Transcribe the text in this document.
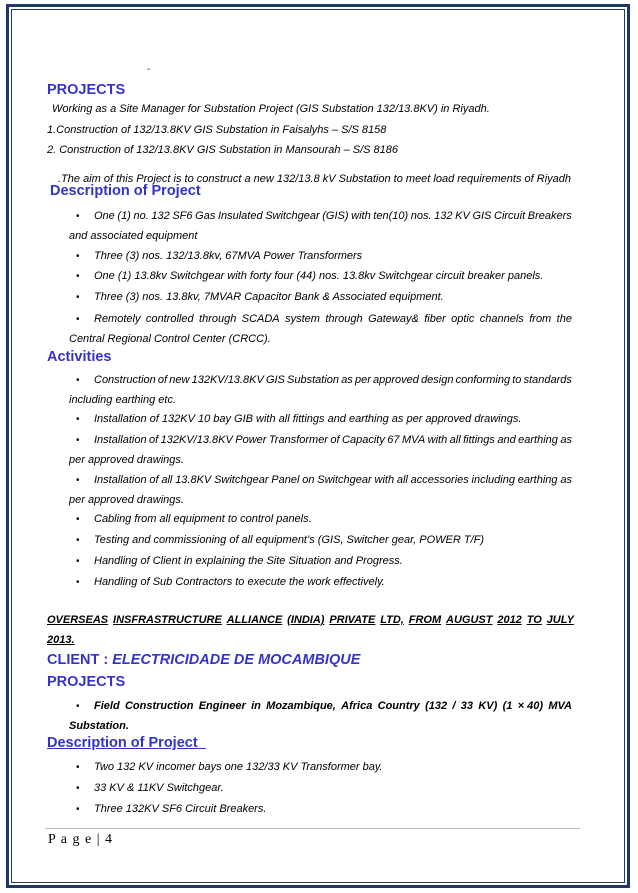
-
PROJECTS
Working as a Site Manager for Substation Project (GIS Substation 132/13.8KV) in Riyadh.
1.Construction of 132/13.8KV GIS Substation in Faisalyhs – S/S 8158
2. Construction of 132/13.8KV GIS Substation in Mansourah – S/S 8186
.The aim of this Project is to construct a new 132/13.8 kV Substation to meet load requirements of Riyadh
Description of Project
• One (1) no. 132 SF6 Gas Insulated Switchgear (GIS) with ten(10) nos. 132 KV GIS Circuit Breakers
and associated equipment
• Three (3) nos. 132/13.8kv, 67MVA Power Transformers
• One (1) 13.8kv Switchgear with forty four (44) nos. 13.8kv Switchgear circuit breaker panels.
• Three (3) nos. 13.8kv, 7MVAR Capacitor Bank & Associated equipment.
• Remotely controlled through SCADA system through Gateway& fiber optic channels from the
Central Regional Control Center (CRCC).
Activities
• Construction of new 132KV/13.8KV GIS Substation as per approved design conforming to standards
including earthing etc.
• Installation of 132KV 10 bay GIB with all fittings and earthing as per approved drawings.
• Installation of 132KV/13.8KV Power Transformer of Capacity 67 MVA with all fittings and earthing as
per approved drawings.
• Installation of all 13.8KV Switchgear Panel on Switchgear with all accessories including earthing as
per approved drawings.
• Cabling from all equipment to control panels.
• Testing and commissioning of all equipment’s (GIS, Switcher gear, POWER T/F)
• Handling of Client in explaining the Site Situation and Progress.
• Handling of Sub Contractors to execute the work effectively.
OVERSEAS INSFRASTRUCTURE ALLIANCE (INDIA) PRIVATE LTD, FROM AUGUST 2012 TO JULY
2013.
CLIENT : ELECTRICIDADE DE MOCAMBIQUE
PROJECTS
• Field Construction Engineer in Mozambique, Africa Country (132 / 33 KV) (1 × 40) MVA
Substation.
Description of Project
• Two 132 KV incomer bays one 132/33 KV Transformer bay.
• 33 KV & 11KV Switchgear.
• Three 132KV SF6 Circuit Breakers.
P a g e | 4
